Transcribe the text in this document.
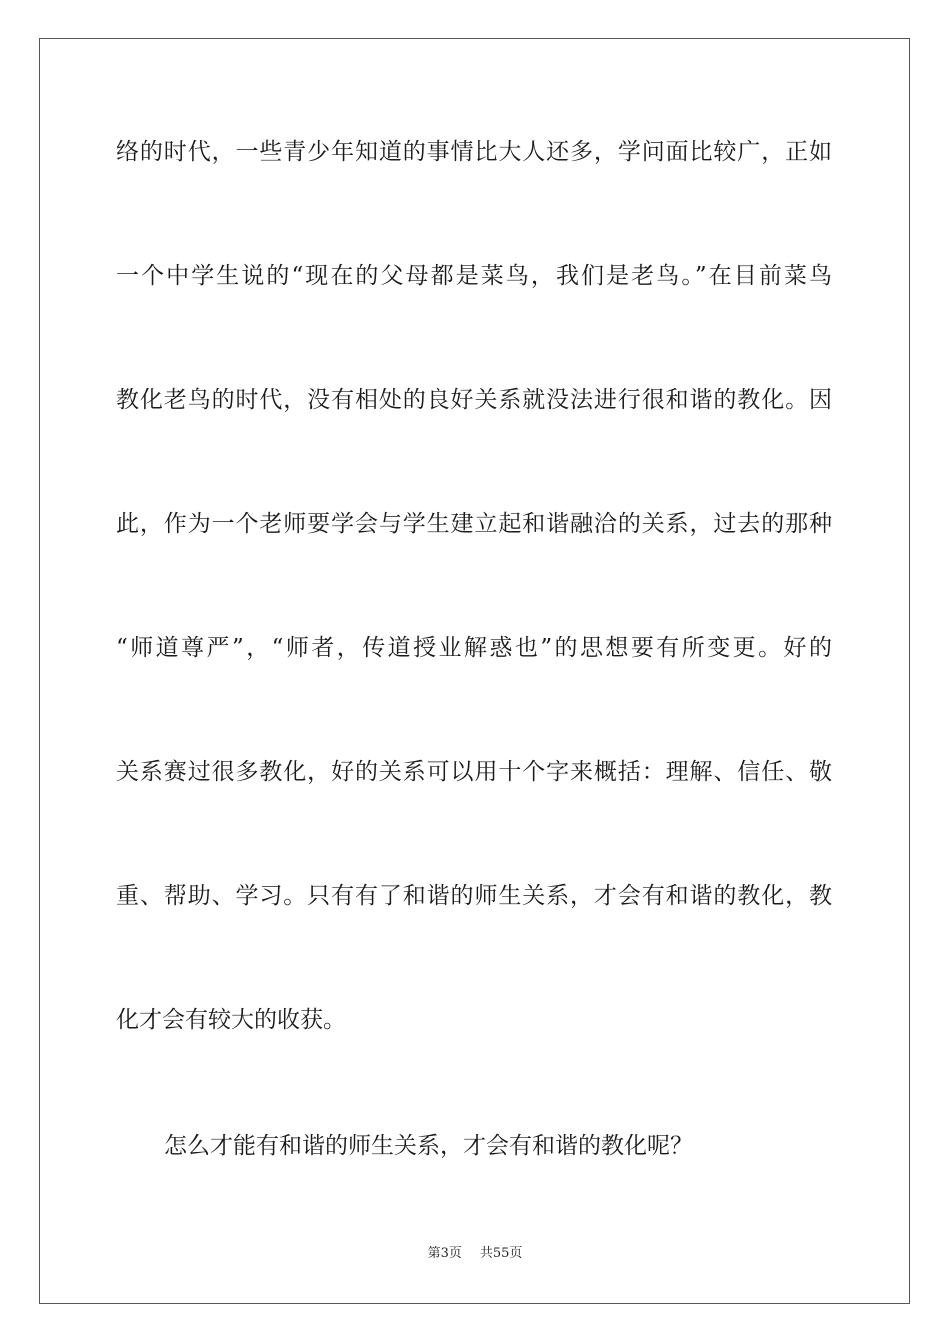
络的时代，一些青少年知道的事情比大人还多，学问面比较广，正如
一个中学生说的“现在的父母都是菜鸟，我们是老鸟。”在目前菜鸟
教化老鸟的时代，没有相处的良好关系就没法进行很和谐的教化。因
此，作为一个老师要学会与学生建立起和谐融洽的关系，过去的那种
“师道尊严”，“师者，传道授业解惑也”的思想要有所变更。好的
关系赛过很多教化，好的关系可以用十个字来概括：理解、信任、敬
重、帮助、学习。只有有了和谐的师生关系，才会有和谐的教化，教
化才会有较大的收获。
怎么才能有和谐的师生关系，才会有和谐的教化呢？
第3页 共55页
